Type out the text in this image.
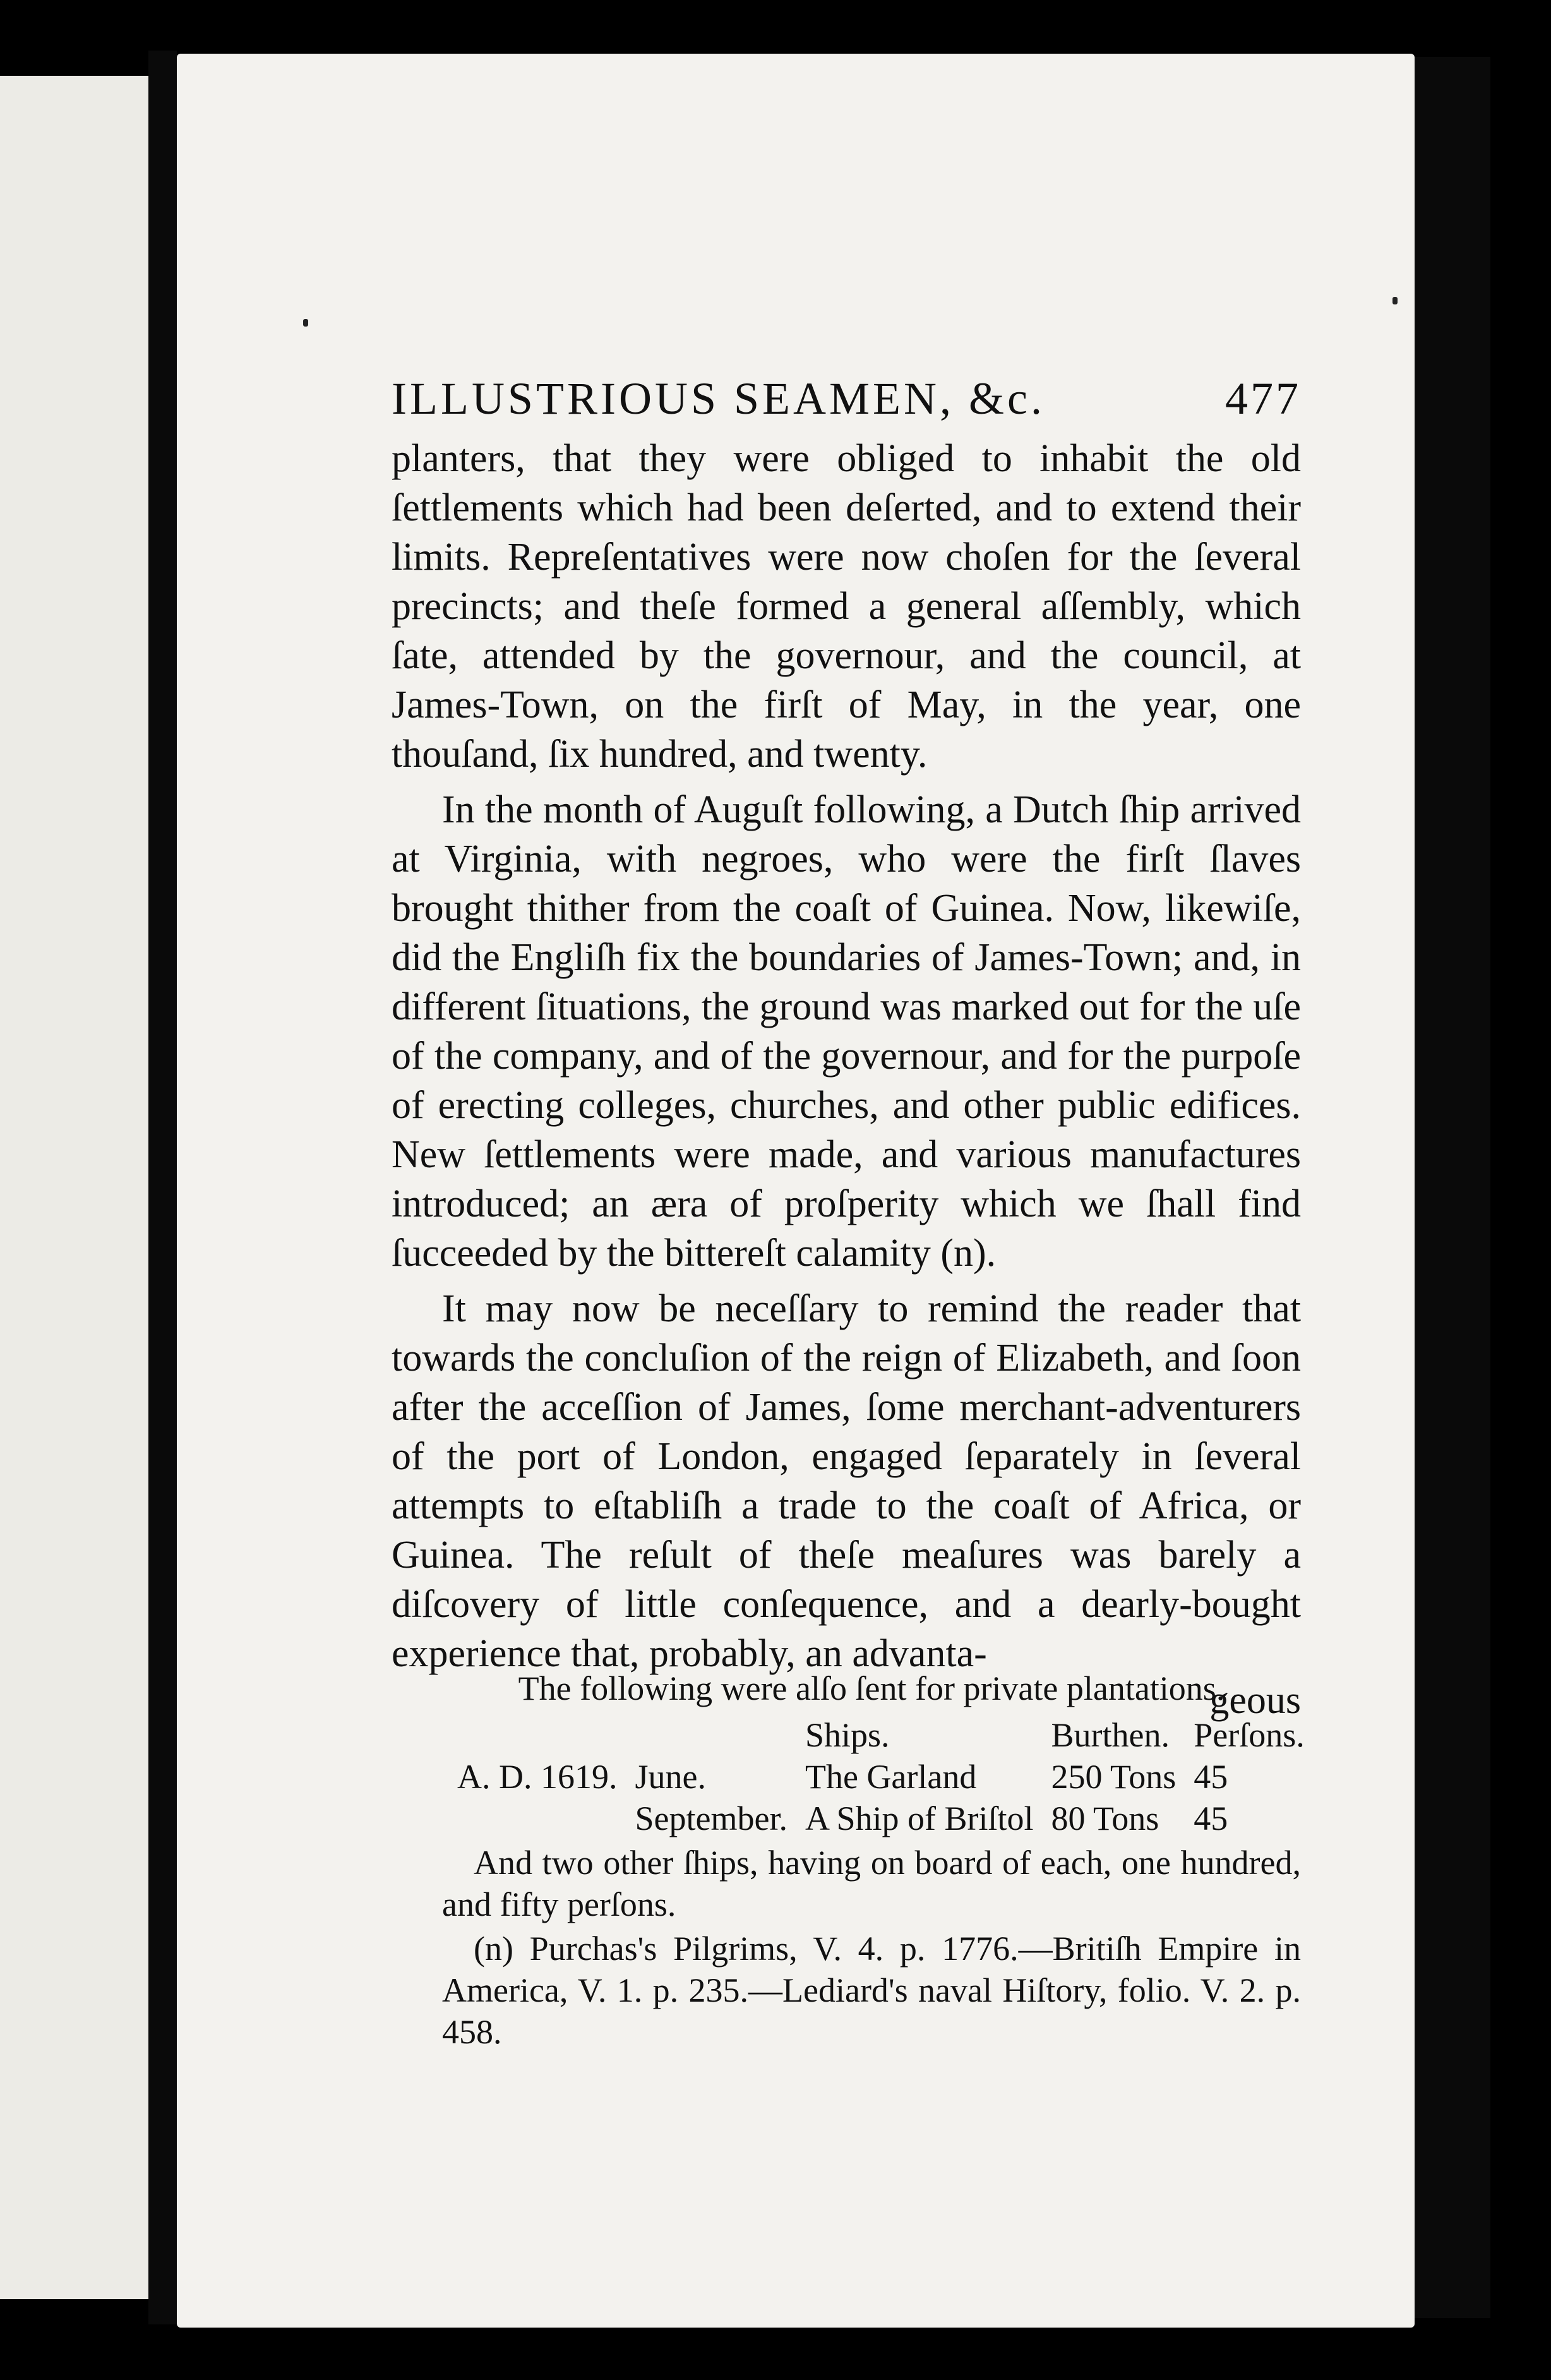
ILLUSTRIOUS SEAMEN, &c.	477

planters, that they were obliged to inhabit the old ſettlements which had been deſerted, and to extend their limits. Repreſentatives were now choſen for the ſeveral precincts; and theſe formed a general aſſembly, which ſate, attended by the governour, and the council, at James-Town, on the firſt of May, in the year, one thouſand, ſix hundred, and twenty.

In the month of Auguſt following, a Dutch ſhip arrived at Virginia, with negroes, who were the firſt ſlaves brought thither from the coaſt of Guinea. Now, likewiſe, did the Engliſh fix the boundaries of James-Town; and, in different ſituations, the ground was marked out for the uſe of the company, and of the governour, and for the purpoſe of erecting colleges, churches, and other public edifices. New ſettlements were made, and various manufactures introduced; an æra of proſperity which we ſhall find ſucceeded by the bittereſt calamity (n).

It may now be neceſſary to remind the reader that towards the concluſion of the reign of Elizabeth, and ſoon after the acceſſion of James, ſome merchant-adventurers of the port of London, engaged ſeparately in ſeveral attempts to eſtabliſh a trade to the coaſt of Africa, or Guinea. The reſult of theſe meaſures was barely a diſcovery of little conſequence, and a dearly-bought experience that, probably, an advanta-

geous
The following were alſo ſent for private plantations.
		Ships.	Burthen.	Perſons.
A. D. 1619.	June.	The Garland	250 Tons	45
	September.	A Ship of Briſtol	80 Tons	45

And two other ſhips, having on board of each, one hundred, and fifty perſons.

(n) Purchas's Pilgrims, V. 4. p. 1776.—Britiſh Empire in America, V. 1. p. 235.—Lediard's naval Hiſtory, folio. V. 2. p. 458.
